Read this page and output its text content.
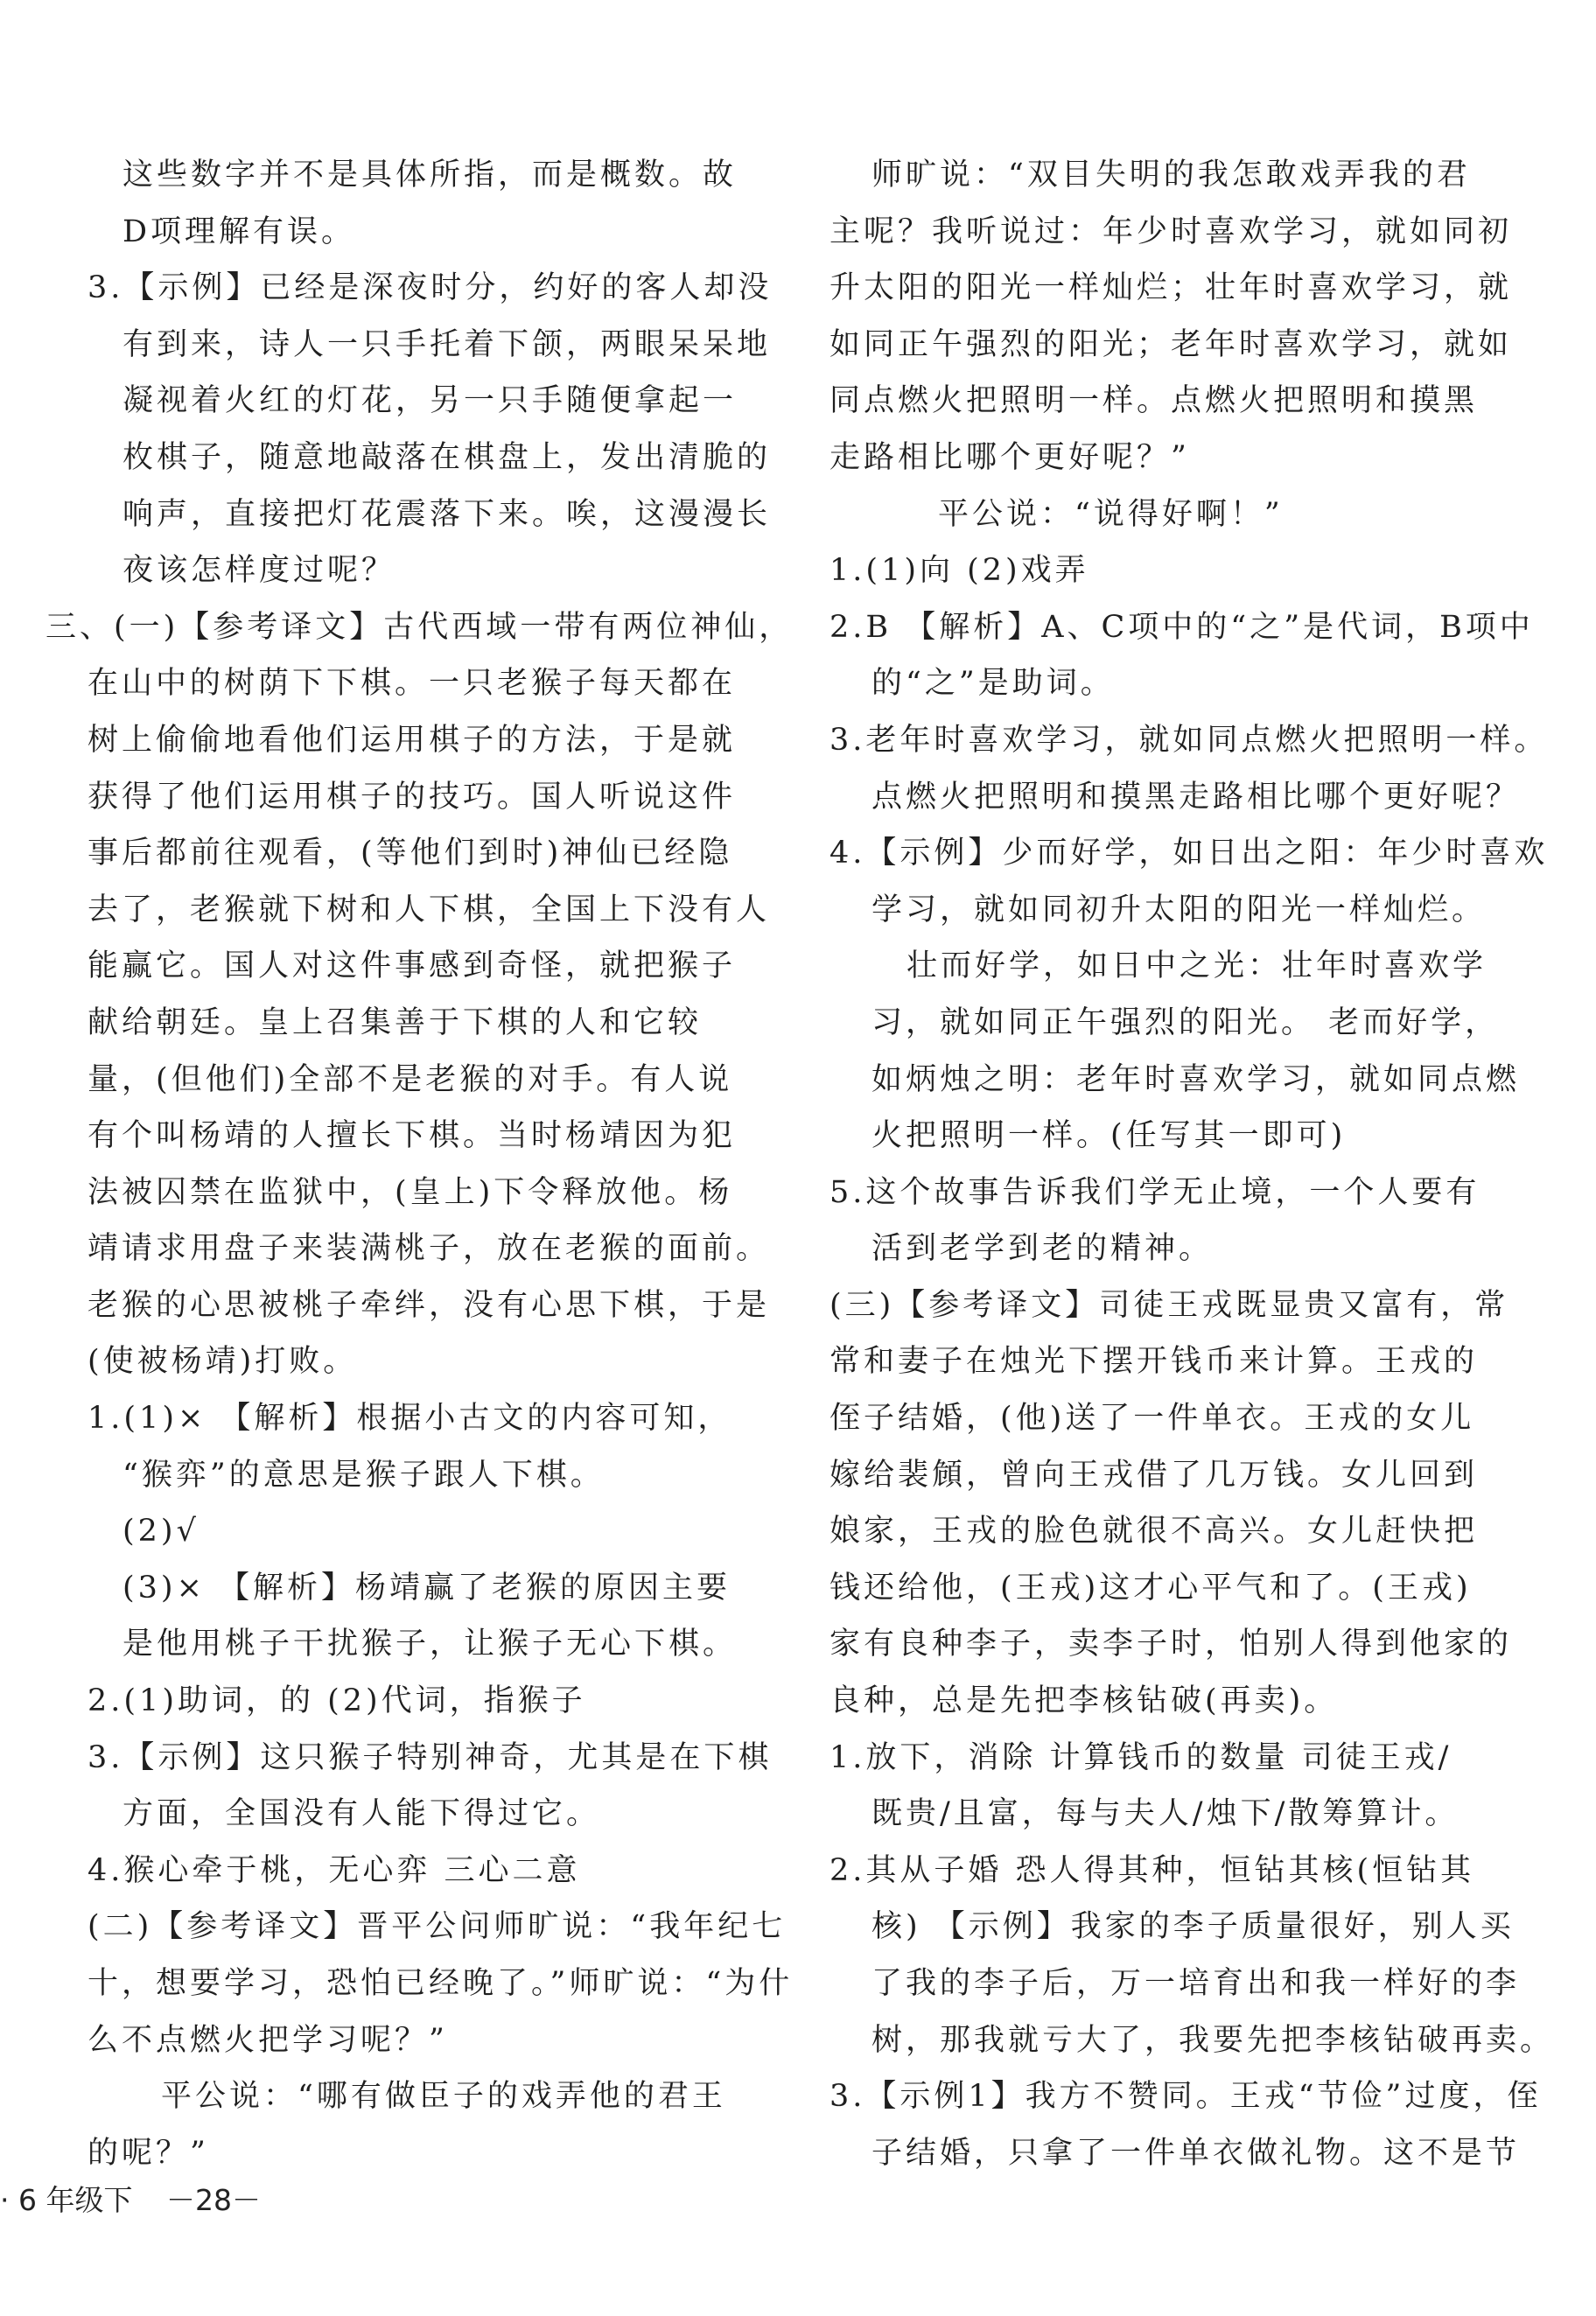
这些数字并不是具体所指，而是概数。故
D项理解有误。
3.【示例】已经是深夜时分，约好的客人却没
有到来，诗人一只手托着下颌，两眼呆呆地
凝视着火红的灯花，另一只手随便拿起一
枚棋子，随意地敲落在棋盘上，发出清脆的
响声，直接把灯花震落下来。唉，这漫漫长
夜该怎样度过呢？
三、(一)【参考译文】古代西域一带有两位神仙，
在山中的树荫下下棋。一只老猴子每天都在
树上偷偷地看他们运用棋子的方法，于是就
获得了他们运用棋子的技巧。国人听说这件
事后都前往观看，(等他们到时)神仙已经隐
去了，老猴就下树和人下棋，全国上下没有人
能赢它。国人对这件事感到奇怪，就把猴子
献给朝廷。皇上召集善于下棋的人和它较
量，(但他们)全部不是老猴的对手。有人说
有个叫杨靖的人擅长下棋。当时杨靖因为犯
法被囚禁在监狱中，(皇上)下令释放他。杨
靖请求用盘子来装满桃子，放在老猴的面前。
老猴的心思被桃子牵绊，没有心思下棋，于是
(使被杨靖)打败。
1.(1)× 【解析】根据小古文的内容可知，
“猴弈”的意思是猴子跟人下棋。
(2)√
(3)× 【解析】杨靖赢了老猴的原因主要
是他用桃子干扰猴子，让猴子无心下棋。
2.(1)助词，的 (2)代词，指猴子
3.【示例】这只猴子特别神奇，尤其是在下棋
方面，全国没有人能下得过它。
4.猴心牵于桃，无心弈 三心二意
(二)【参考译文】晋平公问师旷说：“我年纪七
十，想要学习，恐怕已经晚了。”师旷说：“为什
么不点燃火把学习呢？”
平公说：“哪有做臣子的戏弄他的君王
的呢？”
师旷说：“双目失明的我怎敢戏弄我的君
主呢？我听说过：年少时喜欢学习，就如同初
升太阳的阳光一样灿烂；壮年时喜欢学习，就
如同正午强烈的阳光；老年时喜欢学习，就如
同点燃火把照明一样。点燃火把照明和摸黑
走路相比哪个更好呢？”
平公说：“说得好啊！”
1.(1)向 (2)戏弄
2.B 【解析】A、C项中的“之”是代词，B项中
的“之”是助词。
3.老年时喜欢学习，就如同点燃火把照明一样。
点燃火把照明和摸黑走路相比哪个更好呢？
4.【示例】少而好学，如日出之阳：年少时喜欢
学习，就如同初升太阳的阳光一样灿烂。
壮而好学，如日中之光：壮年时喜欢学
习，就如同正午强烈的阳光。 老而好学，
如炳烛之明：老年时喜欢学习，就如同点燃
火把照明一样。(任写其一即可)
5.这个故事告诉我们学无止境，一个人要有
活到老学到老的精神。
(三)【参考译文】司徒王戎既显贵又富有，常
常和妻子在烛光下摆开钱币来计算。王戎的
侄子结婚，(他)送了一件单衣。王戎的女儿
嫁给裴頠，曾向王戎借了几万钱。女儿回到
娘家，王戎的脸色就很不高兴。女儿赶快把
钱还给他，(王戎)这才心平气和了。(王戎)
家有良种李子，卖李子时，怕别人得到他家的
良种，总是先把李核钻破(再卖)。
1.放下，消除 计算钱币的数量 司徒王戎/
既贵/且富，每与夫人/烛下/散筹算计。
2.其从子婚 恐人得其种，恒钻其核(恒钻其
核) 【示例】我家的李子质量很好，别人买
了我的李子后，万一培育出和我一样好的李
树，那我就亏大了，我要先把李核钻破再卖。
3.【示例1】我方不赞同。王戎“节俭”过度，侄
子结婚，只拿了一件单衣做礼物。这不是节
· 6 年级下 －28－
